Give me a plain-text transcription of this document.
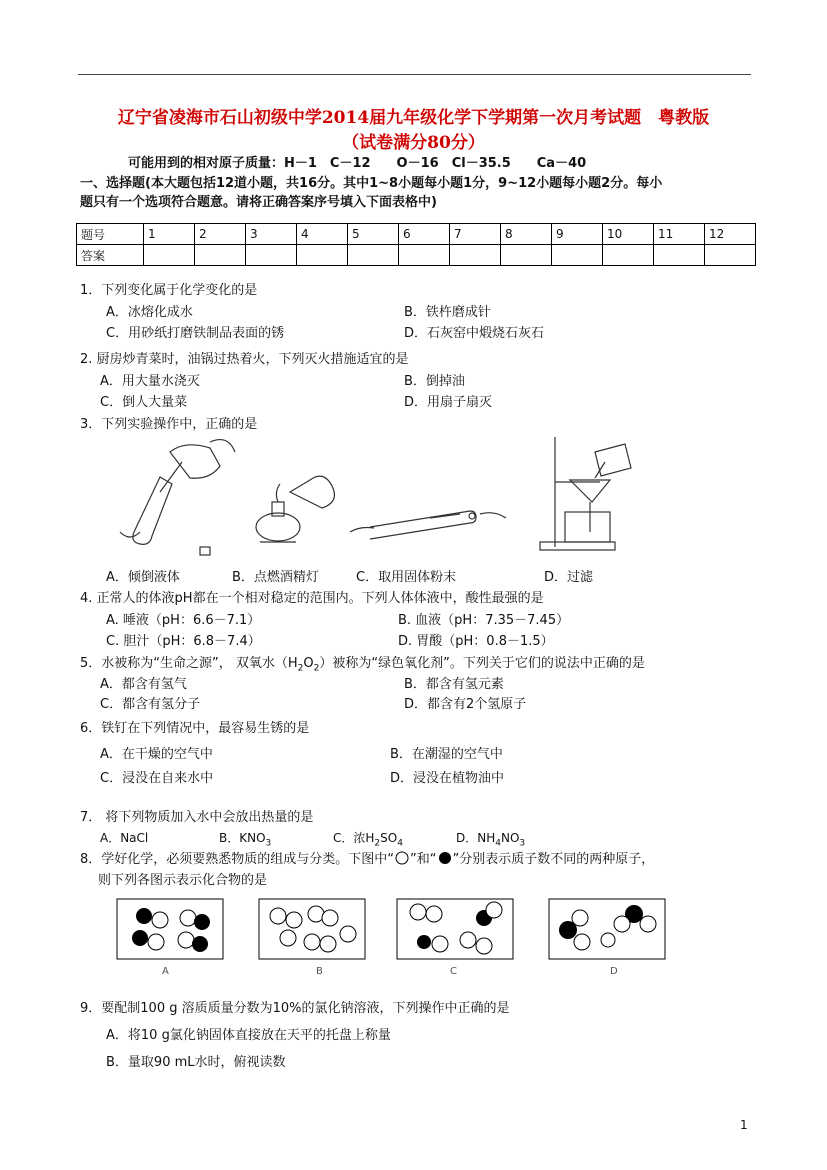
辽宁省凌海市石山初级中学2014届九年级化学下学期第一次月考试题　粤教版
（试卷满分80分）
可能用到的相对原子质量：H－1　C－12　　O－16　Cl－35.5　　Ca－40
一、选择题(本大题包括12道小题，共16分。其中1~8小题每小题1分，9~12小题每小题2分。每小
题只有一个选项符合题意。请将正确答案序号填入下面表格中)
题号	1	2	3	4	5	6	7	8	9	10	11	12
答案												
1．下列变化属于化学变化的是
A．冰熔化成水	B．铁杵磨成针
C．用砂纸打磨铁制品表面的锈	D．石灰窑中煅烧石灰石
2. 厨房炒青菜时，油锅过热着火，下列灭火措施适宜的是
A．用大量水浇灭	B．倒掉油
C．倒人大量菜	D．用扇子扇灭
3．下列实验操作中，正确的是
A．倾倒液体	B．点燃酒精灯	C．取用固体粉末	D．过滤
4. 正常人的体液pH都在一个相对稳定的范围内。下列人体体液中，酸性最强的是
A. 唾液（pH：6.6－7.1）	B. 血液（pH：7.35－7.45）
C. 胆汁（pH：6.8－7.4）	D. 胃酸（pH：0.8－1.5）
5．水被称为“生命之源”， 双氧水$(H_2O_2)$被称为“绿色氧化剂”。下列关于它们的说法中正确的是
A．都含有氢气	B．都含有氢元素
C．都含有氢分子	D．都含有2个氢原子
6．铁钉在下列情况中，最容易生锈的是
A．在干燥的空气中	B．在潮湿的空气中
C．浸没在自来水中	D．浸没在植物油中
7． 将下列物质加入水中会放出热量的是
A．NaCl	B．$KNO_3$	C．浓$H_2SO_4$	D．$NH_4NO_3$
8．学好化学，必须要熟悉物质的组成与分类。下图中“ ”和“ ”分别表示质子数不同的两种原子，
则下列各图示表示化合物的是
A	B	C	D
9．要配制100 g 溶质质量分数为10%的氯化钠溶液，下列操作中正确的是
A．将10 g氯化钠固体直接放在天平的托盘上称量
B．量取90 mL水时，俯视读数
1
